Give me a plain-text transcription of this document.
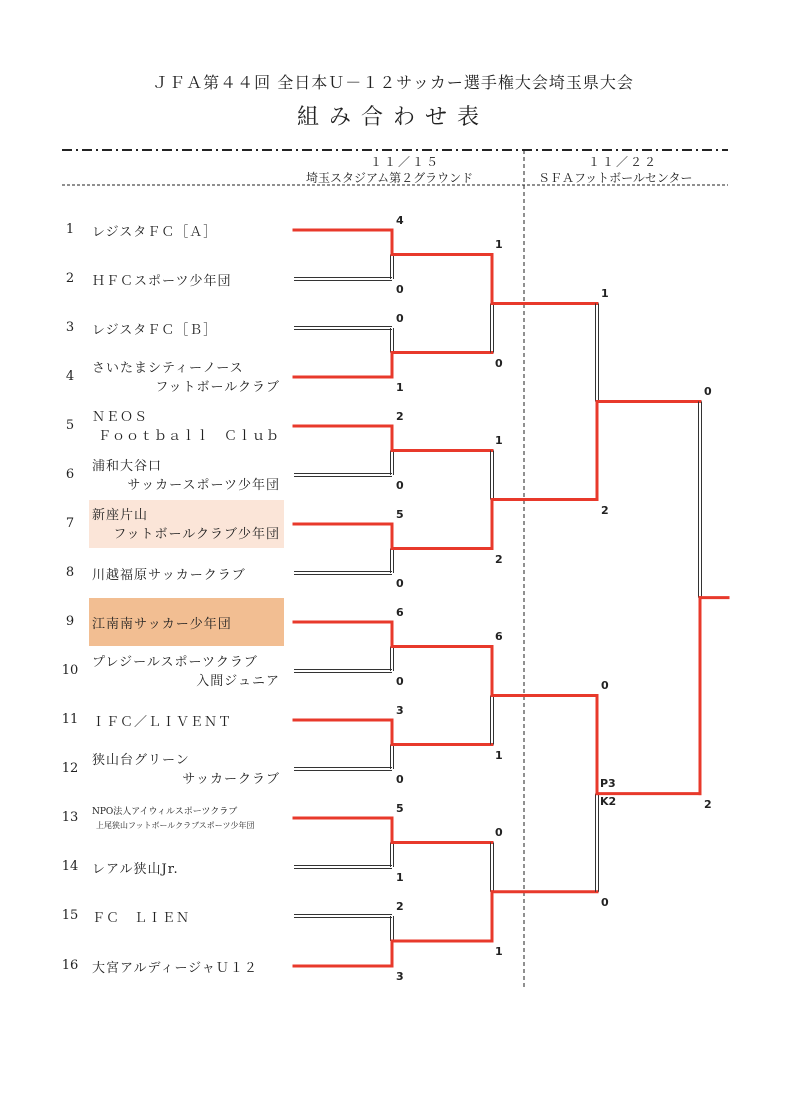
ＪＦＡ第４４回 全日本Ｕ－１２サッカー選手権大会埼玉県大会
組み合わせ表
１１／１５
埼玉スタジアム第２グラウンド
１１／２２
ＳＦＡフットボールセンター
1	レジスタＦＣ［Ａ］
2	ＨＦＣスポーツ少年団
3	レジスタＦＣ［Ｂ］
4
さいたまシティーノース
フットボールクラブ
5
ＮＥＯＳ
Ｆｏｏｔｂａｌｌ　Ｃｌｕｂ
6
浦和大谷口
サッカースポーツ少年団
7
新座片山
フットボールクラブ少年団
8	川越福原サッカークラブ
9	江南南サッカー少年団
10
プレジールスポーツクラブ
入間ジュニア
11 ＩＦＣ／ＬＩＶＥＮＴ
12
狭山台グリーン
サッカークラブ
13	NPO法人アイウィルスポーツクラブ
上尾狭山フットボールクラブスポーツ少年団
14 レアル狭山Jr.
15 ＦＣ　ＬＩＥＮ
16 大宮アルディージャＵ１２
4
0
0
1
2
0
5
0
6
0
3
0
5
1
2
3
1
0
1
2
6
1
0
1
1
2
0
0
P3
K2
0
2
